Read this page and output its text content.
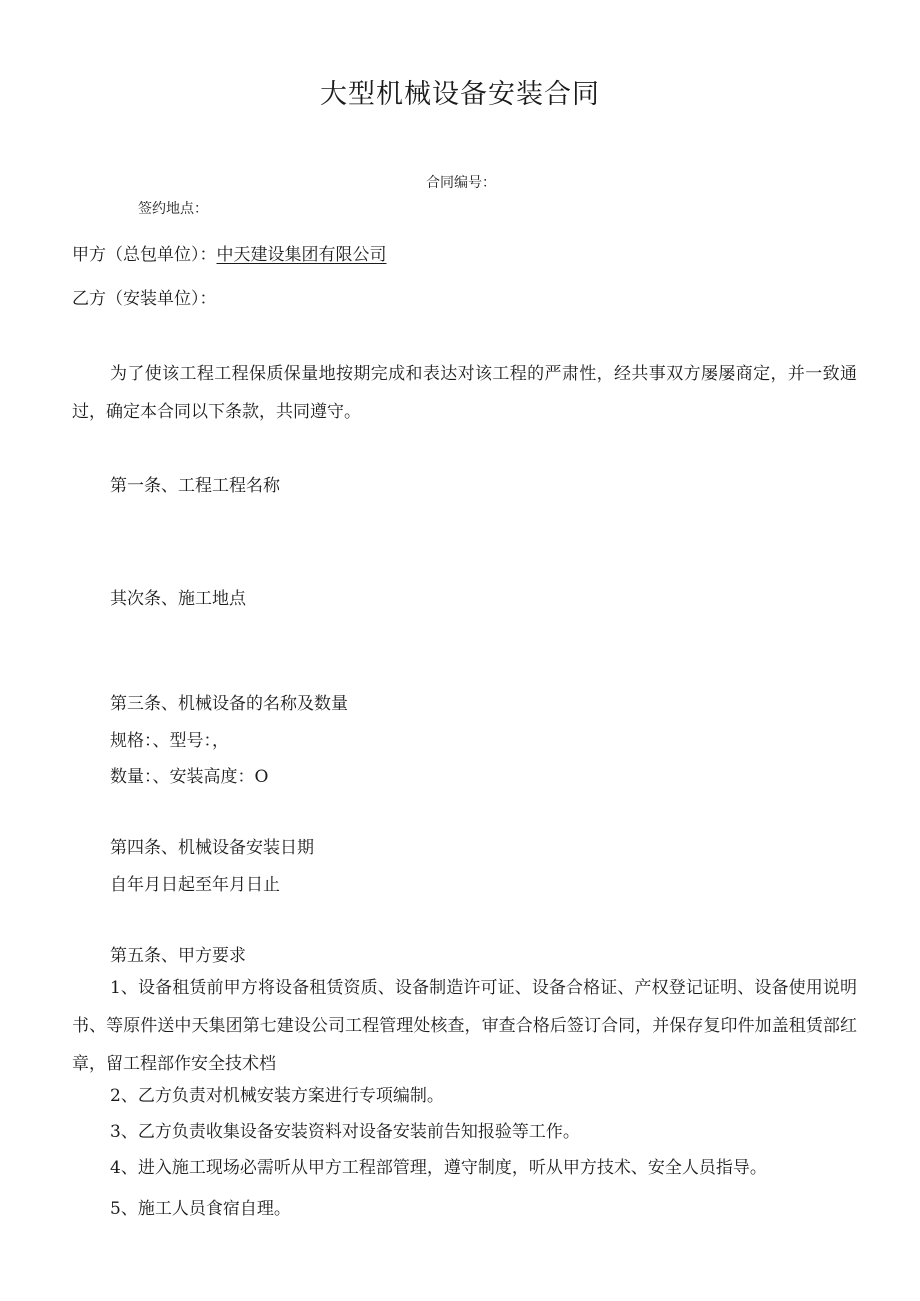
大型机械设备安装合同
合同编号：
签约地点：
甲方（总包单位）：中天建设集团有限公司
乙方（安装单位）：
为了使该工程工程保质保量地按期完成和表达对该工程的严肃性，经共事双方屡屡商定，并一致通过，确定本合同以下条款，共同遵守。
第一条、工程工程名称
其次条、施工地点
第三条、机械设备的名称及数量
规格：、型号：，
数量：、安装高度：O
第四条、机械设备安装日期
自年月日起至年月日止
第五条、甲方要求
1、设备租赁前甲方将设备租赁资质、设备制造许可证、设备合格证、产权登记证明、设备使用说明书、等原件送中天集团第七建设公司工程管理处核查，审查合格后签订合同，并保存复印件加盖租赁部红章，留工程部作安全技术档
2、乙方负责对机械安装方案进行专项编制。
3、乙方负责收集设备安装资料对设备安装前告知报验等工作。
4、进入施工现场必需听从甲方工程部管理，遵守制度，听从甲方技术、安全人员指导。
5、施工人员食宿自理。
